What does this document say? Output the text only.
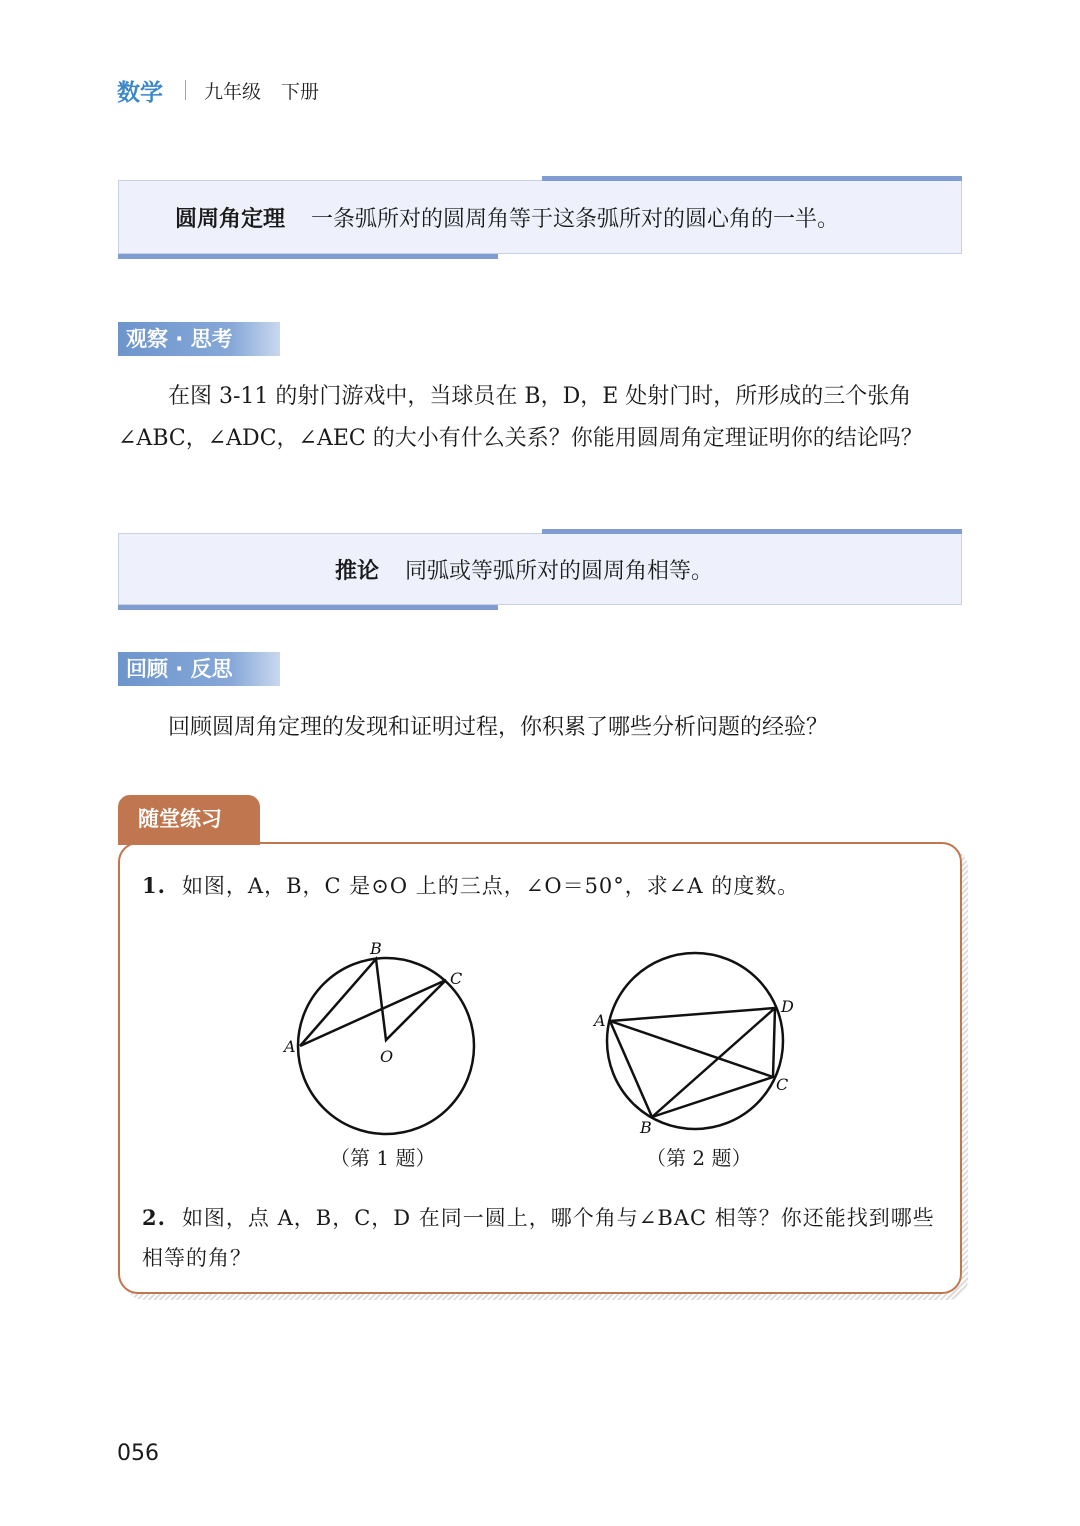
数学 九年级 下册
圆周角定理 一条弧所对的圆周角等于这条弧所对的圆心角的一半。
观察 · 思考

在图 3-11 的射门游戏中，当球员在 B，D，E 处射门时，所形成的三个张角∠ABC，∠ADC，∠AEC 的大小有什么关系？你能用圆周角定理证明你的结论吗？

推论 同弧或等弧所对的圆周角相等。
回顾 · 反思

回顾圆周角定理的发现和证明过程，你积累了哪些分析问题的经验？

随堂练习
1. 如图，A，B，C 是⊙O 上的三点，∠O＝50°，求∠A 的度数。
A
B
C
O
（第 1 题）
A
B
C
D
（第 2 题）
2. 如图，点 A，B，C，D 在同一圆上，哪个角与∠BAC 相等？你还能找到哪些相等的角？
056
